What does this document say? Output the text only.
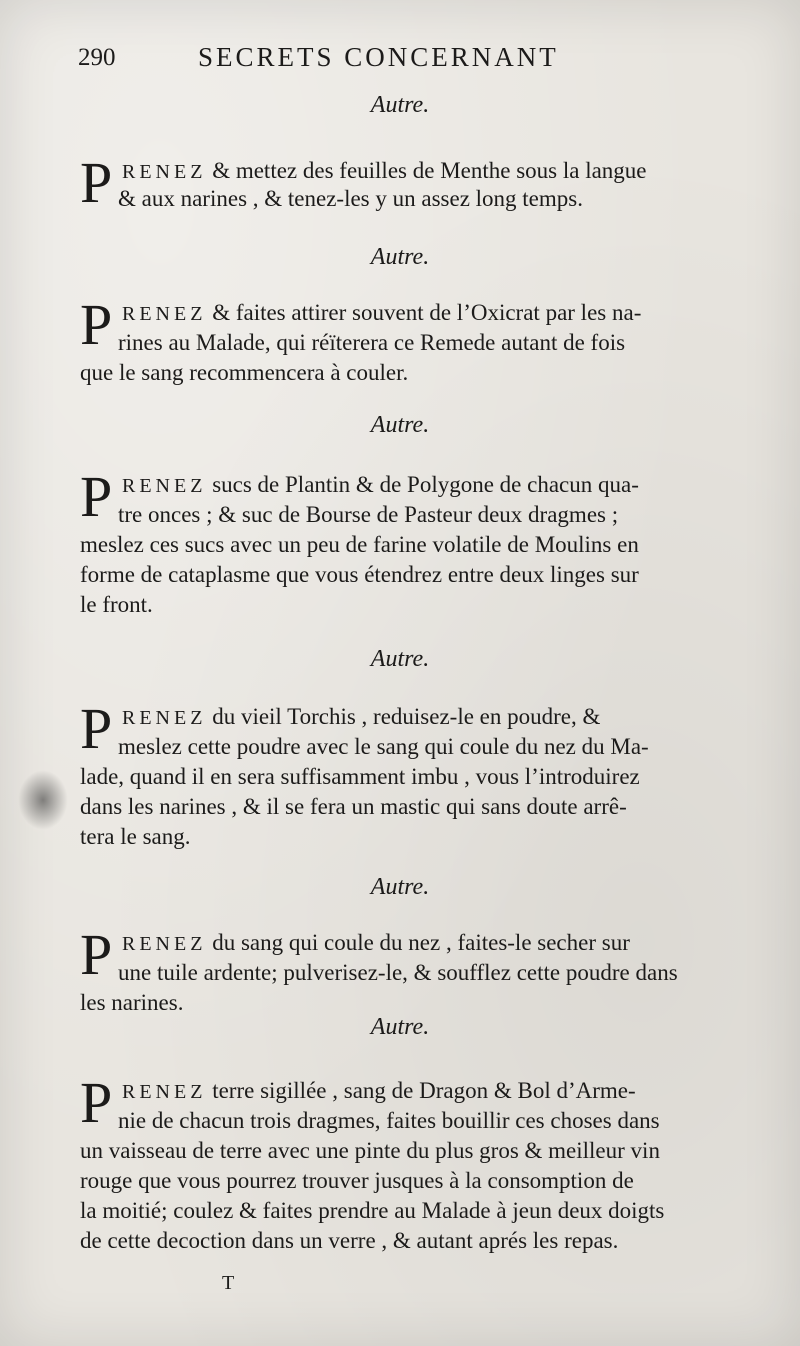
290	SECRETS CONCERNANT
Autre.
P RENEZ & mettez des feuilles de Menthe sous la langue
& aux narines , & tenez-les y un assez long temps.
Autre.
P RENEZ & faites attirer souvent de l’Oxicrat par les na-
rines au Malade, qui réïterera ce Remede autant de fois
que le sang recommencera à couler.
Autre.
P RENEZ sucs de Plantin & de Polygone de chacun qua-
tre onces ; & suc de Bourse de Pasteur deux dragmes ;
meslez ces sucs avec un peu de farine volatile de Moulins en
forme de cataplasme que vous étendrez entre deux linges sur
le front.
Autre.
P RENEZ du vieil Torchis , reduisez-le en poudre, &
meslez cette poudre avec le sang qui coule du nez du Ma-
lade, quand il en sera suffisamment imbu , vous l’introduirez
dans les narines , & il se fera un mastic qui sans doute arrê-
tera le sang.
Autre.
P RENEZ du sang qui coule du nez , faites-le secher sur
une tuile ardente; pulverisez-le, & soufflez cette poudre dans
les narines.
Autre.
P RENEZ terre sigillée , sang de Dragon & Bol d’Arme-
nie de chacun trois dragmes, faites bouillir ces choses dans
un vaisseau de terre avec une pinte du plus gros & meilleur vin
rouge que vous pourrez trouver jusques à la consomption de
la moitié; coulez & faites prendre au Malade à jeun deux doigts
de cette decoction dans un verre , & autant aprés les repas.
T
